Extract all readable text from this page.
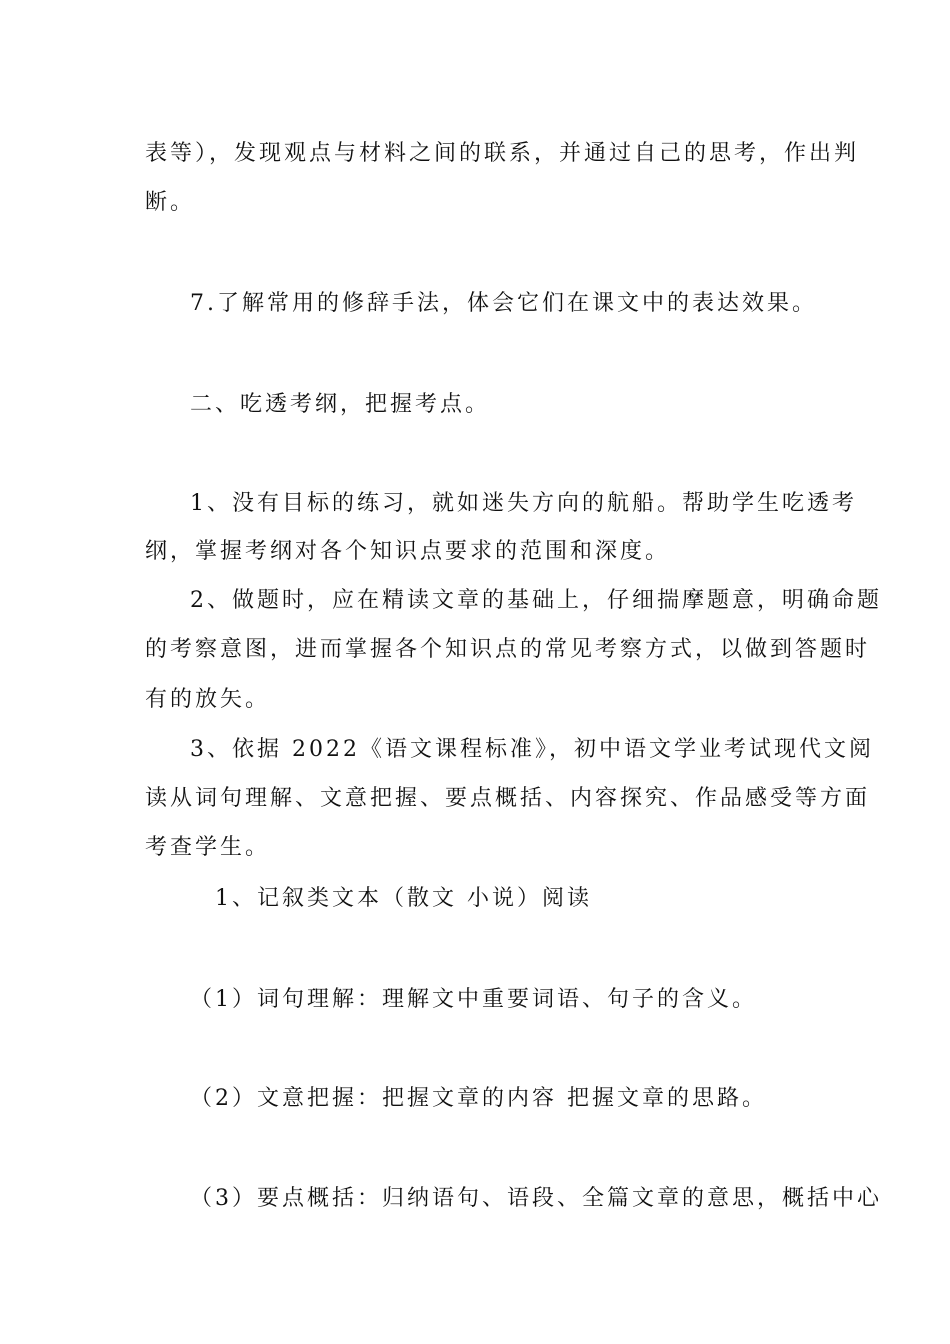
表等），发现观点与材料之间的联系，并通过自己的思考，作出判
断。
7.了解常用的修辞手法，体会它们在课文中的表达效果。
二、吃透考纲，把握考点。
1、没有目标的练习，就如迷失方向的航船。帮助学生吃透考
纲，掌握考纲对各个知识点要求的范围和深度。
2、做题时，应在精读文章的基础上，仔细揣摩题意，明确命题
的考察意图，进而掌握各个知识点的常见考察方式，以做到答题时
有的放矢。
3、依据 2022《语文课程标准》，初中语文学业考试现代文阅
读从词句理解、文意把握、要点概括、内容探究、作品感受等方面
考查学生。
1、记叙类文本（散文 小说）阅读
（1）词句理解：理解文中重要词语、句子的含义。
（2）文意把握：把握文章的内容 把握文章的思路。
（3）要点概括：归纳语句、语段、全篇文章的意思，概括中心
